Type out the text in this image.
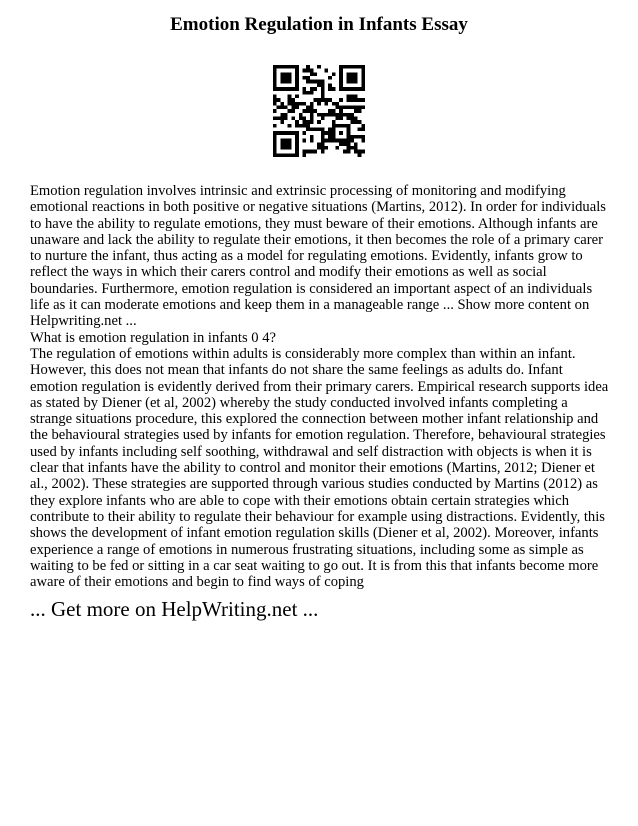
Emotion Regulation in Infants Essay

Emotion regulation involves intrinsic and extrinsic processing of monitoring and modifying emotional reactions in both positive or negative situations (Martins, 2012). In order for individuals to have the ability to regulate emotions, they must beware of their emotions. Although infants are unaware and lack the ability to regulate their emotions, it then becomes the role of a primary carer to nurture the infant, thus acting as a model for regulating emotions. Evidently, infants grow to reflect the ways in which their carers control and modify their emotions as well as social boundaries. Furthermore, emotion regulation is considered an important aspect of an individuals life as it can moderate emotions and keep them in a manageable range ... Show more content on Helpwriting.net ...

What is emotion regulation in infants 0 4?

The regulation of emotions within adults is considerably more complex than within an infant. However, this does not mean that infants do not share the same feelings as adults do. Infant emotion regulation is evidently derived from their primary carers. Empirical research supports idea as stated by Diener (et al, 2002) whereby the study conducted involved infants completing a strange situations procedure, this explored the connection between mother infant relationship and the behavioural strategies used by infants for emotion regulation. Therefore, behavioural strategies used by infants including self soothing, withdrawal and self distraction with objects is when it is clear that infants have the ability to control and monitor their emotions (Martins, 2012; Diener et al., 2002). These strategies are supported through various studies conducted by Martins (2012) as they explore infants who are able to cope with their emotions obtain certain strategies which contribute to their ability to regulate their behaviour for example using distractions. Evidently, this shows the development of infant emotion regulation skills (Diener et al, 2002). Moreover, infants experience a range of emotions in numerous frustrating situations, including some as simple as waiting to be fed or sitting in a car seat waiting to go out. It is from this that infants become more aware of their emotions and begin to find ways of coping

... Get more on HelpWriting.net ...
